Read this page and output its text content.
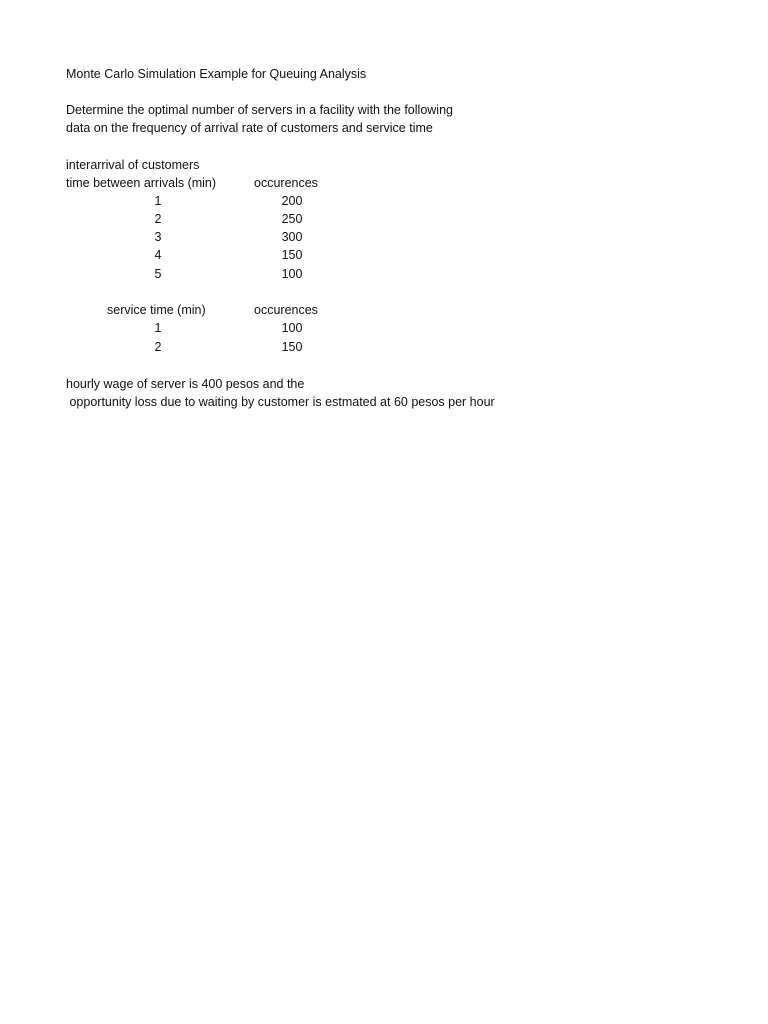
Monte Carlo Simulation Example for Queuing Analysis
Determine the optimal number of servers in a facility with the following
data on the frequency of arrival rate of customers and service time
interarrival of customers
time between arrivals (min)	occurences
1	200
2	250
3	300
4	150
5	100
service time (min)	occurences
1	100
2	150
hourly wage of server is 400 pesos and the
opportunity loss due to waiting by customer is estmated at 60 pesos per hour
